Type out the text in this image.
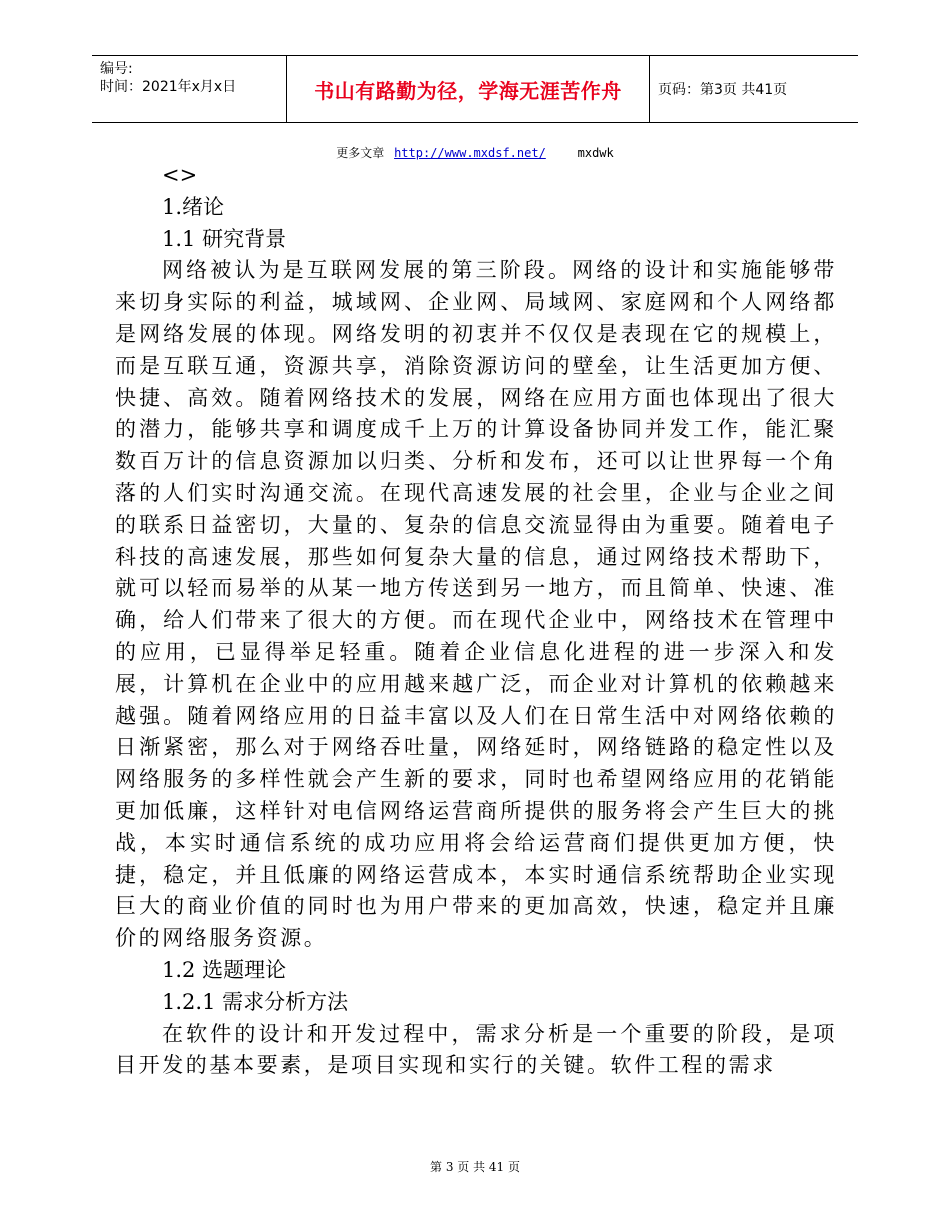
编号:
时间：2021年x月x日	书山有路勤为径，学海无涯苦作舟	页码：第3页 共41页
更多文章 http://www.mxdsf.net/	mxdwk
<>
1.绪论
1.1 研究背景

网络被认为是互联网发展的第三阶段。网络的设计和实施能够带来切身实际的利益，城域网、企业网、局域网、家庭网和个人网络都是网络发展的体现。网络发明的初衷并不仅仅是表现在它的规模上，而是互联互通，资源共享，消除资源访问的壁垒，让生活更加方便、快捷、高效。随着网络技术的发展，网络在应用方面也体现出了很大的潜力，能够共享和调度成千上万的计算设备协同并发工作，能汇聚数百万计的信息资源加以归类、分析和发布，还可以让世界每一个角落的人们实时沟通交流。在现代高速发展的社会里，企业与企业之间的联系日益密切，大量的、复杂的信息交流显得由为重要。随着电子科技的高速发展，那些如何复杂大量的信息，通过网络技术帮助下，就可以轻而易举的从某一地方传送到另一地方，而且简单、快速、准确，给人们带来了很大的方便。而在现代企业中，网络技术在管理中的应用，已显得举足轻重。随着企业信息化进程的进一步深入和发展，计算机在企业中的应用越来越广泛，而企业对计算机的依赖越来越强。随着网络应用的日益丰富以及人们在日常生活中对网络依赖的日渐紧密，那么对于网络吞吐量，网络延时，网络链路的稳定性以及网络服务的多样性就会产生新的要求，同时也希望网络应用的花销能更加低廉，这样针对电信网络运营商所提供的服务将会产生巨大的挑战，本实时通信系统的成功应用将会给运营商们提供更加方便，快捷，稳定，并且低廉的网络运营成本，本实时通信系统帮助企业实现巨大的商业价值的同时也为用户带来的更加高效，快速，稳定并且廉价的网络服务资源。

1.2 选题理论
1.2.1 需求分析方法

在软件的设计和开发过程中，需求分析是一个重要的阶段，是项目开发的基本要素，是项目实现和实行的关键。软件工程的需求

第 3 页 共 41 页
